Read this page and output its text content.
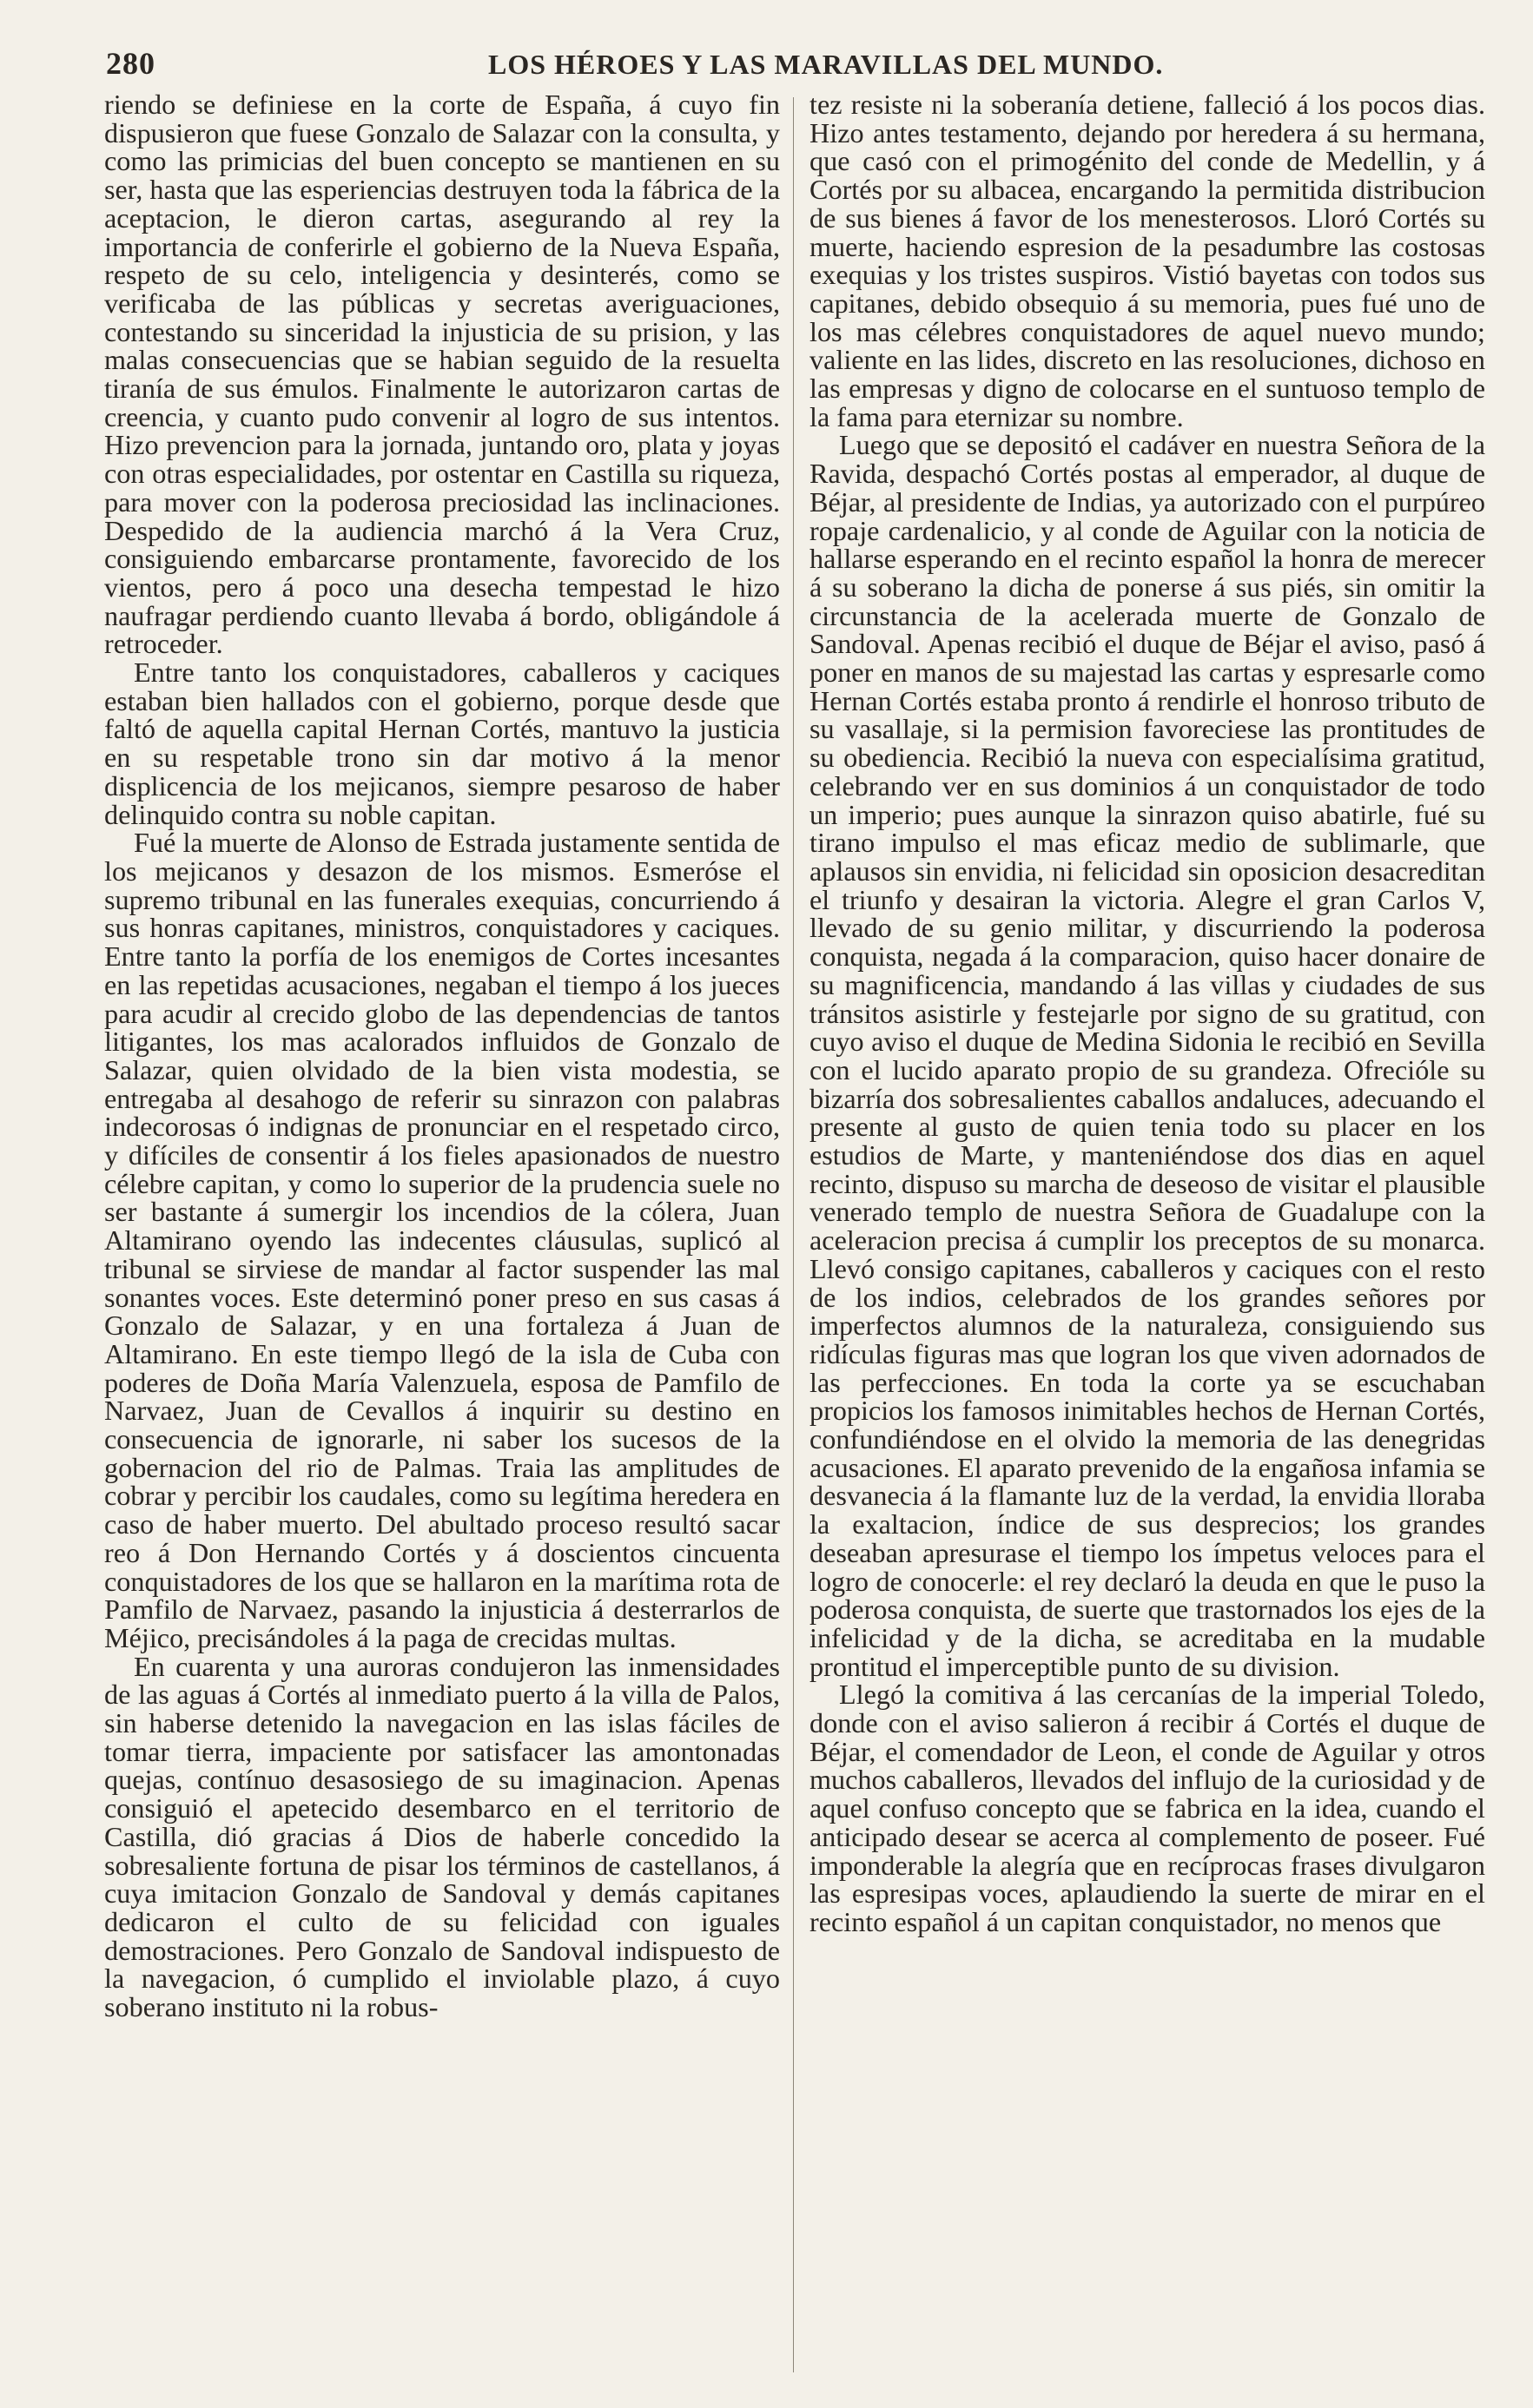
280	LOS HÉROES Y LAS MARAVILLAS DEL MUNDO.

riendo se definiese en la corte de España, á cuyo fin dispusieron que fuese Gonzalo de Salazar con la consulta, y como las primicias del buen concepto se mantienen en su ser, hasta que las esperiencias destruyen toda la fábrica de la aceptacion, le dieron cartas, asegurando al rey la importancia de conferirle el gobierno de la Nueva España, respeto de su celo, inteligencia y desinterés, como se verificaba de las públicas y secretas averiguaciones, contestando su sinceridad la injusticia de su prision, y las malas consecuencias que se habian seguido de la resuelta tiranía de sus émulos. Finalmente le autorizaron cartas de creencia, y cuanto pudo convenir al logro de sus intentos. Hizo prevencion para la jornada, juntando oro, plata y joyas con otras especialidades, por ostentar en Castilla su riqueza, para mover con la poderosa preciosidad las inclinaciones. Despedido de la audiencia marchó á la Vera Cruz, consiguiendo embarcarse prontamente, favorecido de los vientos, pero á poco una desecha tempestad le hizo naufragar perdiendo cuanto llevaba á bordo, obligándole á retroceder.

Entre tanto los conquistadores, caballeros y caciques estaban bien hallados con el gobierno, porque desde que faltó de aquella capital Hernan Cortés, mantuvo la justicia en su respetable trono sin dar motivo á la menor displicencia de los mejicanos, siempre pesaroso de haber delinquido contra su noble capitan.

Fué la muerte de Alonso de Estrada justamente sentida de los mejicanos y desazon de los mismos. Esmeróse el supremo tribunal en las funerales exequias, concurriendo á sus honras capitanes, ministros, conquistadores y caciques. Entre tanto la porfía de los enemigos de Cortes incesantes en las repetidas acusaciones, negaban el tiempo á los jueces para acudir al crecido globo de las dependencias de tantos litigantes, los mas acalorados influidos de Gonzalo de Salazar, quien olvidado de la bien vista modestia, se entregaba al desahogo de referir su sinrazon con palabras indecorosas ó indignas de pronunciar en el respetado circo, y difíciles de consentir á los fieles apasionados de nuestro célebre capitan, y como lo superior de la prudencia suele no ser bastante á sumergir los incendios de la cólera, Juan Altamirano oyendo las indecentes cláusulas, suplicó al tribunal se sirviese de mandar al factor suspender las mal sonantes voces. Este determinó poner preso en sus casas á Gonzalo de Salazar, y en una fortaleza á Juan de Altamirano. En este tiempo llegó de la isla de Cuba con poderes de Doña María Valenzuela, esposa de Pamfilo de Narvaez, Juan de Cevallos á inquirir su destino en consecuencia de ignorarle, ni saber los sucesos de la gobernacion del rio de Palmas. Traia las amplitudes de cobrar y percibir los caudales, como su legítima heredera en caso de haber muerto. Del abultado proceso resultó sacar reo á Don Hernando Cortés y á doscientos cincuenta conquistadores de los que se hallaron en la marítima rota de Pamfilo de Narvaez, pasando la injusticia á desterrarlos de Méjico, precisándoles á la paga de crecidas multas.

En cuarenta y una auroras condujeron las inmensidades de las aguas á Cortés al inmediato puerto á la villa de Palos, sin haberse detenido la navegacion en las islas fáciles de tomar tierra, impaciente por satisfacer las amontonadas quejas, contínuo desasosiego de su imaginacion. Apenas consiguió el apetecido desembarco en el territorio de Castilla, dió gracias á Dios de haberle concedido la sobresaliente fortuna de pisar los términos de castellanos, á cuya imitacion Gonzalo de Sandoval y demás capitanes dedicaron el culto de su felicidad con iguales demostraciones. Pero Gonzalo de Sandoval indispuesto de la navegacion, ó cumplido el inviolable plazo, á cuyo soberano instituto ni la robus-

tez resiste ni la soberanía detiene, falleció á los pocos dias. Hizo antes testamento, dejando por heredera á su hermana, que casó con el primogénito del conde de Medellin, y á Cortés por su albacea, encargando la permitida distribucion de sus bienes á favor de los menesterosos. Lloró Cortés su muerte, haciendo espresion de la pesadumbre las costosas exequias y los tristes suspiros. Vistió bayetas con todos sus capitanes, debido obsequio á su memoria, pues fué uno de los mas célebres conquistadores de aquel nuevo mundo; valiente en las lides, discreto en las resoluciones, dichoso en las empresas y digno de colocarse en el suntuoso templo de la fama para eternizar su nombre.

Luego que se depositó el cadáver en nuestra Señora de la Ravida, despachó Cortés postas al emperador, al duque de Béjar, al presidente de Indias, ya autorizado con el purpúreo ropaje cardenalicio, y al conde de Aguilar con la noticia de hallarse esperando en el recinto español la honra de merecer á su soberano la dicha de ponerse á sus piés, sin omitir la circunstancia de la acelerada muerte de Gonzalo de Sandoval. Apenas recibió el duque de Béjar el aviso, pasó á poner en manos de su majestad las cartas y espresarle como Hernan Cortés estaba pronto á rendirle el honroso tributo de su vasallaje, si la permision favoreciese las prontitudes de su obediencia. Recibió la nueva con especialísima gratitud, celebrando ver en sus dominios á un conquistador de todo un imperio; pues aunque la sinrazon quiso abatirle, fué su tirano impulso el mas eficaz medio de sublimarle, que aplausos sin envidia, ni felicidad sin oposicion desacreditan el triunfo y desairan la victoria. Alegre el gran Carlos V, llevado de su genio militar, y discurriendo la poderosa conquista, negada á la comparacion, quiso hacer donaire de su magnificencia, mandando á las villas y ciudades de sus tránsitos asistirle y festejarle por signo de su gratitud, con cuyo aviso el duque de Medina Sidonia le recibió en Sevilla con el lucido aparato propio de su grandeza. Ofrecióle su bizarría dos sobresalientes caballos andaluces, adecuando el presente al gusto de quien tenia todo su placer en los estudios de Marte, y manteniéndose dos dias en aquel recinto, dispuso su marcha de deseoso de visitar el plausible venerado templo de nuestra Señora de Guadalupe con la aceleracion precisa á cumplir los preceptos de su monarca. Llevó consigo capitanes, caballeros y caciques con el resto de los indios, celebrados de los grandes señores por imperfectos alumnos de la naturaleza, consiguiendo sus ridículas figuras mas que logran los que viven adornados de las perfecciones. En toda la corte ya se escuchaban propicios los famosos inimitables hechos de Hernan Cortés, confundiéndose en el olvido la memoria de las denegridas acusaciones. El aparato prevenido de la engañosa infamia se desvanecia á la flamante luz de la verdad, la envidia lloraba la exaltacion, índice de sus desprecios; los grandes deseaban apresurase el tiempo los ímpetus veloces para el logro de conocerle: el rey declaró la deuda en que le puso la poderosa conquista, de suerte que trastornados los ejes de la infelicidad y de la dicha, se acreditaba en la mudable prontitud el imperceptible punto de su division.

Llegó la comitiva á las cercanías de la imperial Toledo, donde con el aviso salieron á recibir á Cortés el duque de Béjar, el comendador de Leon, el conde de Aguilar y otros muchos caballeros, llevados del influjo de la curiosidad y de aquel confuso concepto que se fabrica en la idea, cuando el anticipado desear se acerca al complemento de poseer. Fué imponderable la alegría que en recíprocas frases divulgaron las espresipas voces, aplaudiendo la suerte de mirar en el recinto español á un capitan conquistador, no menos que
